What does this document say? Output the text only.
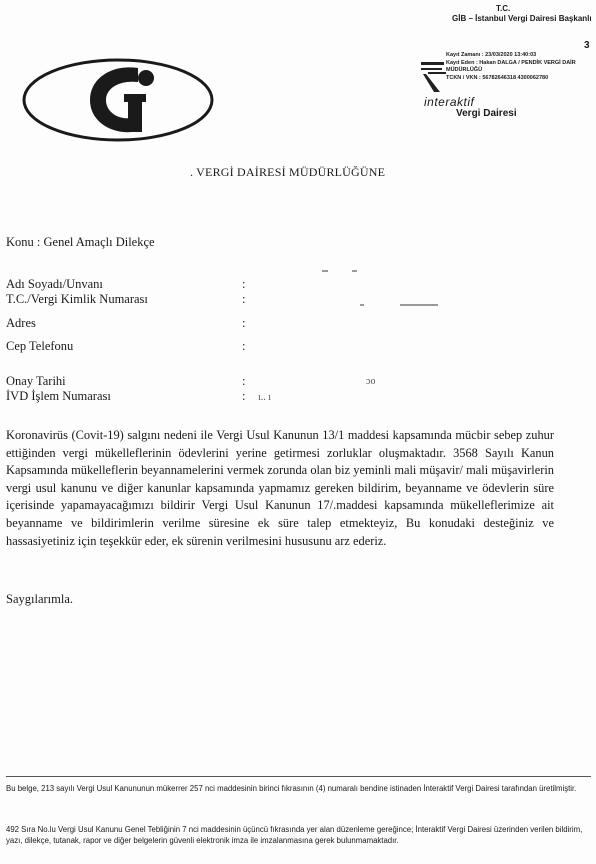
T.C.
GİB – İstanbul Vergi Dairesi Başkanlı
3
Kayıt Zamanı : 23/03/2020 13:40:03
Kayıt Eden : Hakan DALGA / PENDİK VERGİ DAİR
MÜDÜRLÜĞÜ
TCKN / VKN : 56782646318 4300062780
interaktif
Vergi Dairesi
. VERGİ DAİRESİ MÜDÜRLÜĞÜNE
Konu : Genel Amaçlı Dilekçe
Adı Soyadı/Unvanı	:
T.C./Vergi Kimlik Numarası	:
Adres	:
Cep Telefonu	:
Onay Tarihi	:	ɔo
İVD İşlem Numarası	: ı.. ı
Koronavirüs (Covit-19) salgını nedeni ile Vergi Usul Kanunun 13/1 maddesi kapsamında mücbir sebep zuhur ettiğinden vergi mükelleflerinin ödevlerini yerine getirmesi zorluklar oluşmaktadır. 3568 Sayılı Kanun Kapsamında mükelleflerin beyannamelerini vermek zorunda olan biz yeminli mali müşavir/ mali müşavirlerin vergi usul kanunu ve diğer kanunlar kapsamında yapmamız gereken bildirim, beyanname ve ödevlerin süre içerisinde yapamayacağımızı bildirir Vergi Usul Kanunun 17/.maddesi kapsamında mükelleflerimize ait beyanname ve bildirimlerin verilme süresine ek süre talep etmekteyiz, Bu konudaki desteğiniz ve hassasiyetiniz için teşekkür eder, ek sürenin verilmesini hususunu arz ederiz.
Saygılarımla.
Bu belge, 213 sayılı Vergi Usul Kanununun mükerrer 257 nci maddesinin birinci fıkrasının (4) numaralı bendine istinaden İnteraktif Vergi Dairesi tarafından üretilmiştir.
492 Sıra No.lu Vergi Usul Kanunu Genel Tebliğinin 7 nci maddesinin üçüncü fıkrasında yer alan düzenleme gereğince; İnteraktif Vergi Dairesi üzerinden verilen bildirim, yazı, dilekçe, tutanak, rapor ve diğer belgelerin güvenli elektronik imza ile imzalanmasına gerek bulunmamaktadır.
